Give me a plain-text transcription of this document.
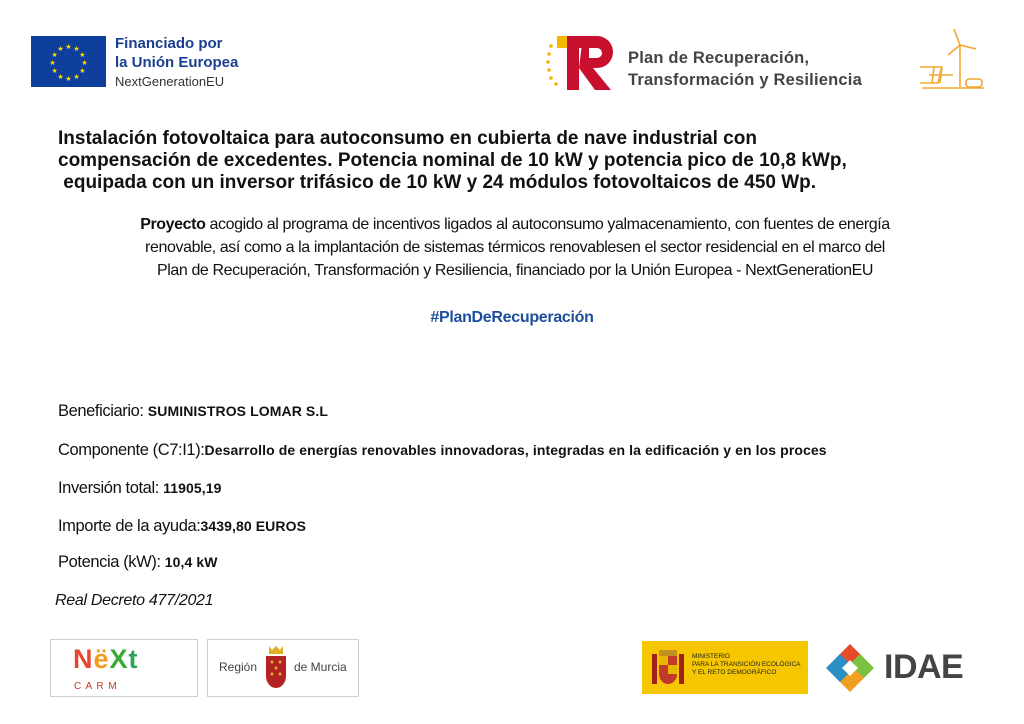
★ ★
★
★
★
★
★
★
★
★
★
★	Financiado por
la Unión Europea
NextGenerationEU
Plan de Recuperación,
Transformación y Resiliencia
Instalación fotovoltaica para autoconsumo en cubierta de nave industrial con
compensación de excedentes. Potencia nominal de 10 kW y potencia pico de 10,8 kWp,
equipada con un inversor trifásico de 10 kW y 24 módulos fotovoltaicos de 450 Wp.
Proyecto acogido al programa de incentivos ligados al autoconsumo yalmacenamiento, con fuentes de energía
renovable, así como a la implantación de sistemas térmicos renovablesen el sector residencial en el marco del
Plan de Recuperación, Transformación y Resiliencia, financiado por la Unión Europea - NextGenerationEU
#PlanDeRecuperación
Beneficiario: SUMINISTROS LOMAR S.L
Componente (C7:I1):Desarrollo de energías renovables innovadoras, integradas en la edificación y en los proces
Inversión total: 11905,19
Importe de la ayuda:3439,80 EUROS
Potencia (kW): 10,4 kW
Real Decreto 477/2021
NëXt
C A R M
Región	de Murcia
MINISTERIO
PARA LA TRANSICIÓN ECOLÓGICA
Y EL RETO DEMOGRÁFICO	IDAE
